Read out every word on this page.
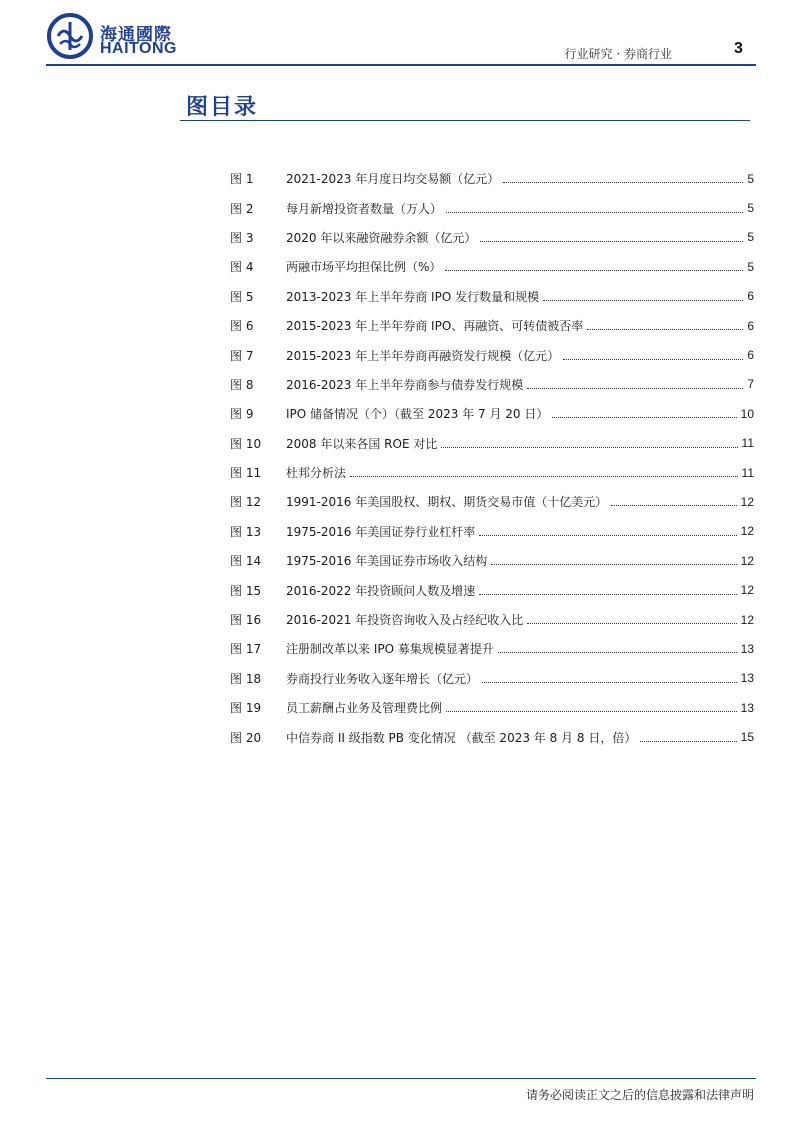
海通國際
HAITONG	行业研究 · 券商行业	3
图目录
图 1	2021-2023 年月度日均交易额（亿元）	5
图 2	每月新增投资者数量（万人）	5
图 3	2020 年以来融资融券余额（亿元）	5
图 4	两融市场平均担保比例（%）	5
图 5	2013-2023 年上半年券商 IPO 发行数量和规模	6
图 6	2015-2023 年上半年券商 IPO、再融资、可转债被否率	6
图 7	2015-2023 年上半年券商再融资发行规模（亿元）	6
图 8	2016-2023 年上半年券商参与债券发行规模	7
图 9	IPO 储备情况（个）（截至 2023 年 7 月 20 日）	10
图 10	2008 年以来各国 ROE 对比	11
图 11	杜邦分析法	11
图 12	1991-2016 年美国股权、期权、期货交易市值（十亿美元）	12
图 13	1975-2016 年美国证券行业杠杆率	12
图 14	1975-2016 年美国证券市场收入结构	12
图 15	2016-2022 年投资顾问人数及增速	12
图 16	2016-2021 年投资咨询收入及占经纪收入比	12
图 17	注册制改革以来 IPO 募集规模显著提升	13
图 18	券商投行业务收入逐年增长（亿元）	13
图 19	员工薪酬占业务及管理费比例	13
图 20	中信券商 II 级指数 PB 变化情况 （截至 2023 年 8 月 8 日，倍）	15
请务必阅读正文之后的信息披露和法律声明
